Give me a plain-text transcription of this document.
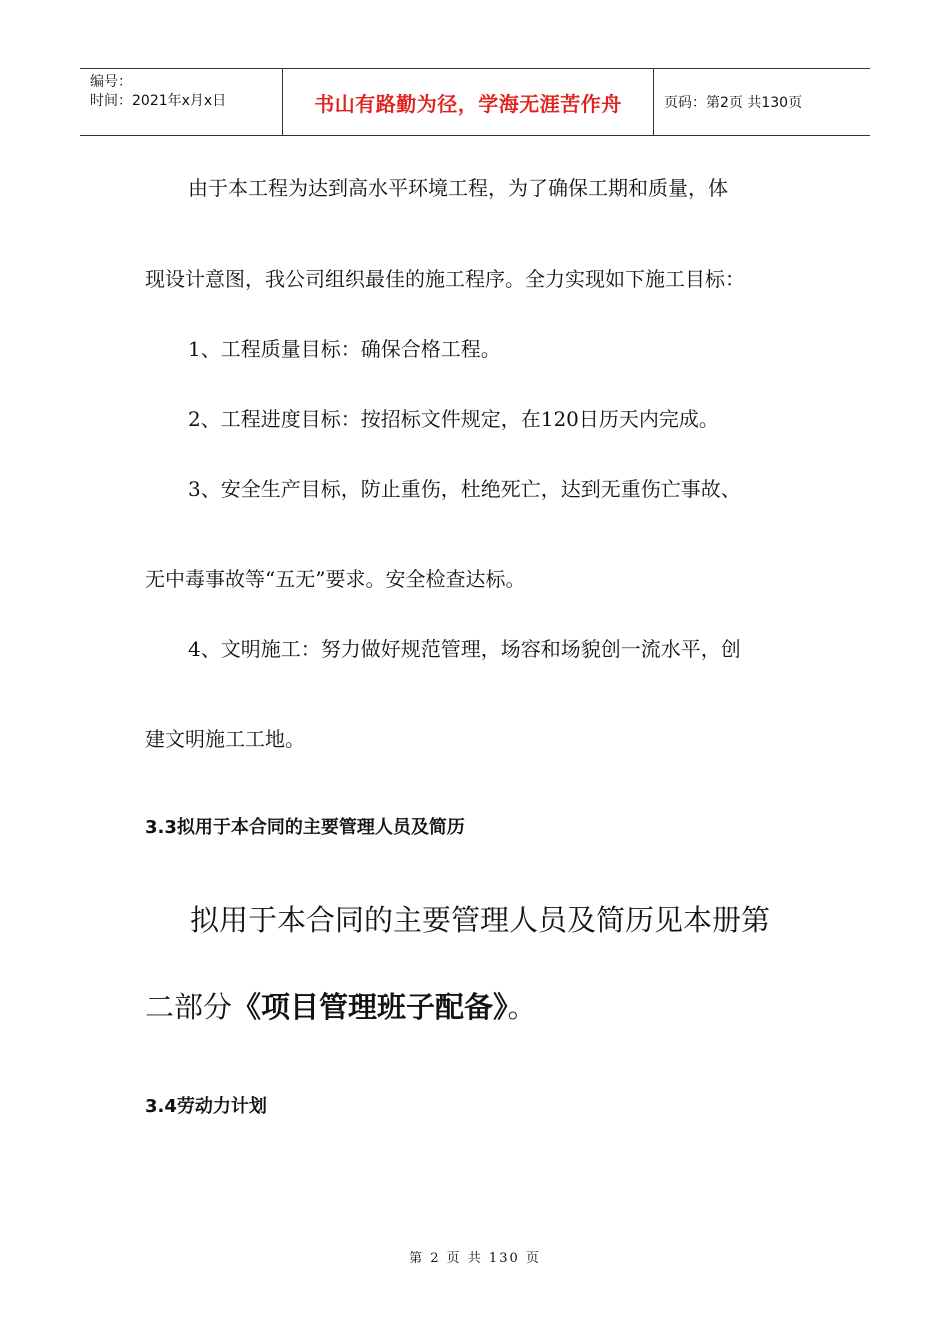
编号：
时间：2021年x月x日	书山有路勤为径，学海无涯苦作舟	页码：第2页 共130页
由于本工程为达到高水平环境工程，为了确保工期和质量，体
现设计意图，我公司组织最佳的施工程序。全力实现如下施工目标：
1、工程质量目标：确保合格工程。
2、工程进度目标：按招标文件规定，在120日历天内完成。
3、安全生产目标，防止重伤，杜绝死亡，达到无重伤亡事故、
无中毒事故等“五无”要求。安全检查达标。
4、文明施工：努力做好规范管理，场容和场貌创一流水平，创
建文明施工工地。
3.3拟用于本合同的主要管理人员及简历
拟用于本合同的主要管理人员及简历见本册第
二部分《项目管理班子配备》。
3.4劳动力计划
第 2 页 共 130 页
